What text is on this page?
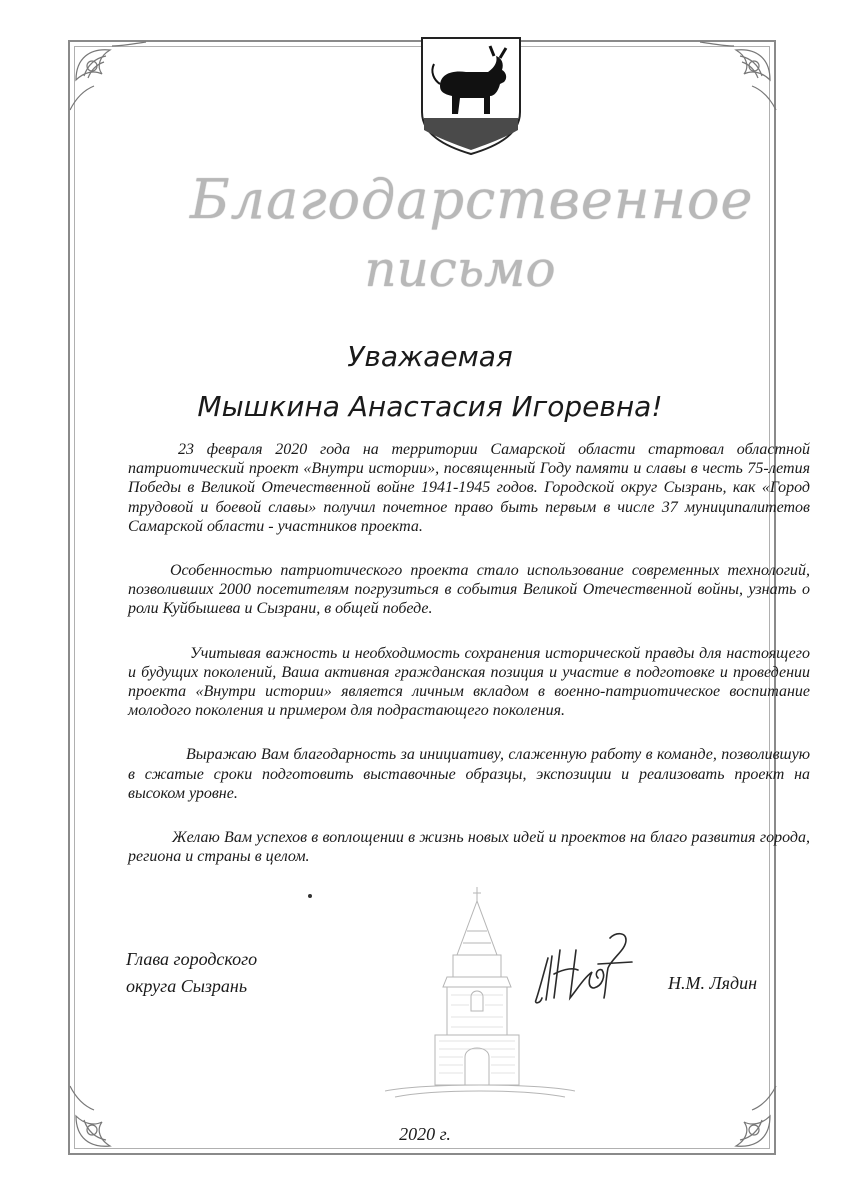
Благодарственное
письмо
Уважаемая
Мышкина Анастасия Игоревна!

23 февраля 2020 года на территории Самарской области стартовал областной патриотический проект «Внутри истории», посвященный Году памяти и славы в честь 75-летия Победы в Великой Отечественной войне 1941-1945 годов. Городской округ Сызрань, как «Город трудовой и боевой славы» получил почетное право быть первым в числе 37 муниципалитетов Самарской области - участников проекта.

Особенностью патриотического проекта стало использование современных технологий, позволивших 2000 посетителям погрузиться в события Великой Отечественной войны, узнать о роли Куйбышева и Сызрани, в общей победе.

Учитывая важность и необходимость сохранения исторической правды для настоящего и будущих поколений, Ваша активная гражданская позиция и участие в подготовке и проведении проекта «Внутри истории» является личным вкладом в военно-патриотическое воспитание молодого поколения и примером для подрастающего поколения.

Выражаю Вам благодарность за инициативу, слаженную работу в команде, позволившую в сжатые сроки подготовить выставочные образцы, экспозиции и реализовать проект на высоком уровне.

Желаю Вам успехов в воплощении в жизнь новых идей и проектов на благо развития города, региона и страны в целом.

Глава городского
округа Сызрань	Н.М. Лядин
2020 г.
